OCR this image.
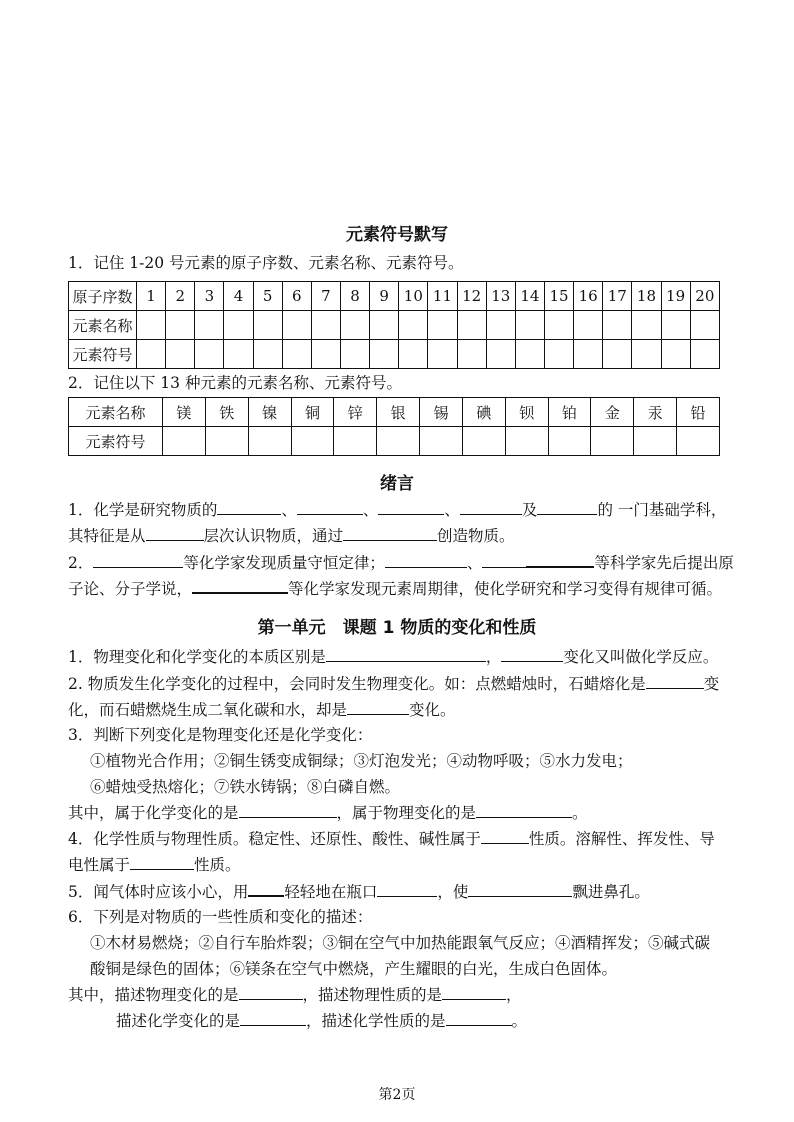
元素符号默写
1．记住 1-20 号元素的原子序数、元素名称、元素符号。
原子序数	1	2	3	4	5	6	7	8	9	10	11	12	13	14	15	16	17	18	19	20
元素名称																				
元素符号																				
2．记住以下 13 种元素的元素名称、元素符号。
元素名称	镁	铁	镍	铜	锌	银	锡	碘	钡	铂	金	汞	铅
元素符号													
绪言
1．化学是研究物质的	、	、	、	及	的 一门基础学科，
其特征是从	层次认识物质，通过	创造物质。
2．	等化学家发现质量守恒定律；	、	等科学家先后提出原
子论、分子学说，	等化学家发现元素周期律，使化学研究和学习变得有规律可循。
第一单元　课题 1 物质的变化和性质
1．物理变化和化学变化的本质区别是	，	变化又叫做化学反应。
2. 物质发生化学变化的过程中，会同时发生物理变化。如：点燃蜡烛时，石蜡熔化是	变
化，而石蜡燃烧生成二氧化碳和水，却是	变化。
3．判断下列变化是物理变化还是化学变化：
①植物光合作用；②铜生锈变成铜绿；③灯泡发光；④动物呼吸；⑤水力发电；
⑥蜡烛受热熔化；⑦铁水铸锅；⑧白磷自燃。
其中，属于化学变化的是	，属于物理变化的是	。
4．化学性质与物理性质。稳定性、还原性、酸性、碱性属于	性质。溶解性、挥发性、导
电性属于	性质。
5．闻气体时应该小心，用 轻轻地在瓶口	，使	飘进鼻孔。
6．下列是对物质的一些性质和变化的描述：
①木材易燃烧；②自行车胎炸裂；③铜在空气中加热能跟氧气反应；④酒精挥发；⑤碱式碳
酸铜是绿色的固体；⑥镁条在空气中燃烧，产生耀眼的白光，生成白色固体。
其中，描述物理变化的是	，描述物理性质的是	，
描述化学变化的是	，描述化学性质的是	。
第2页
